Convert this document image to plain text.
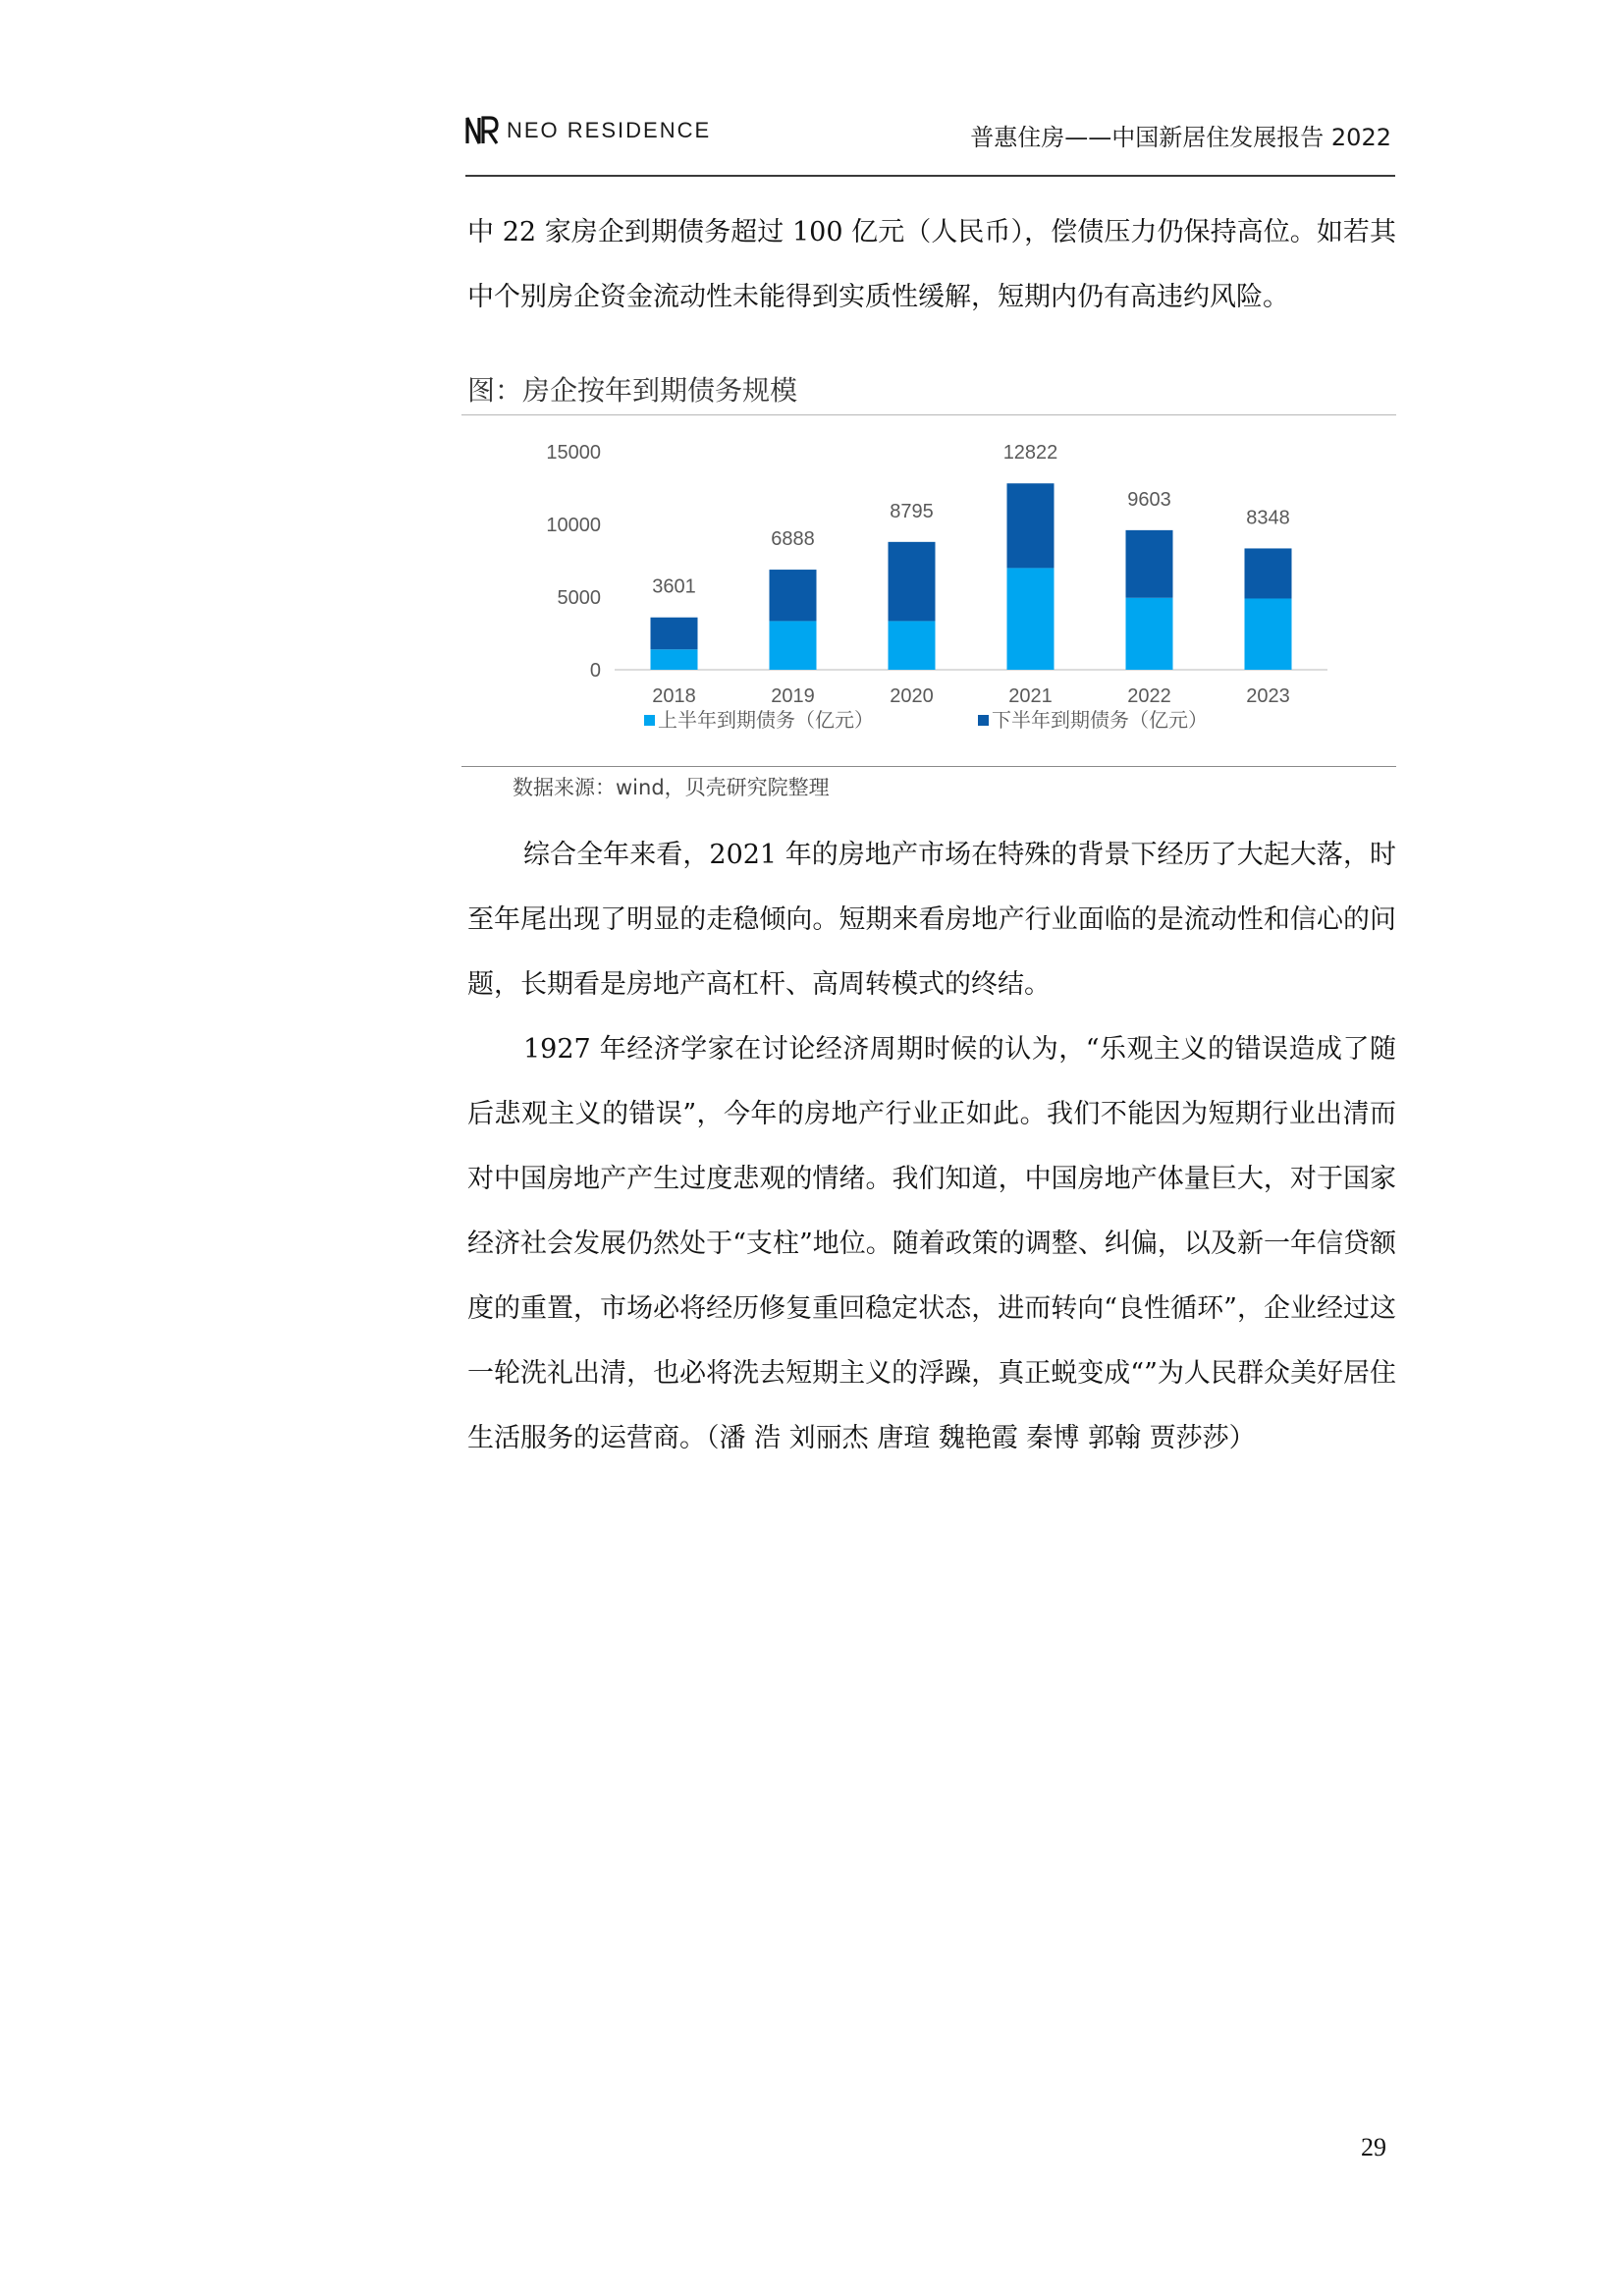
NEO RESIDENCE	普惠住房——中国新居住发展报告 2022

中 22 家房企到期债务超过 100 亿元（人民币），偿债压力仍保持高位。如若其中个别房企资金流动性未能得到实质性缓解，短期内仍有高违约风险。

图：房企按年到期债务规模
0
5000
10000
15000
3601
2018
6888
2019
8795
2020
12822
2021
9603
2022
8348
2023
上半年到期债务（亿元）	下半年到期债务（亿元）
数据来源：wind，贝壳研究院整理

综合全年来看，2021 年的房地产市场在特殊的背景下经历了大起大落，时至年尾出现了明显的走稳倾向。短期来看房地产行业面临的是流动性和信心的问题，长期看是房地产高杠杆、高周转模式的终结。

1927 年经济学家在讨论经济周期时候的认为，“乐观主义的错误造成了随后悲观主义的错误”，今年的房地产行业正如此。我们不能因为短期行业出清而对中国房地产产生过度悲观的情绪。我们知道，中国房地产体量巨大，对于国家经济社会发展仍然处于“支柱”地位。随着政策的调整、纠偏，以及新一年信贷额度的重置，市场必将经历修复重回稳定状态，进而转向“良性循环”，企业经过这一轮洗礼出清，也必将洗去短期主义的浮躁，真正蜕变成“”为人民群众美好居住生活服务的运营商。（潘 浩 刘丽杰 唐瑄 魏艳霞 秦博 郭翰 贾莎莎）

29
